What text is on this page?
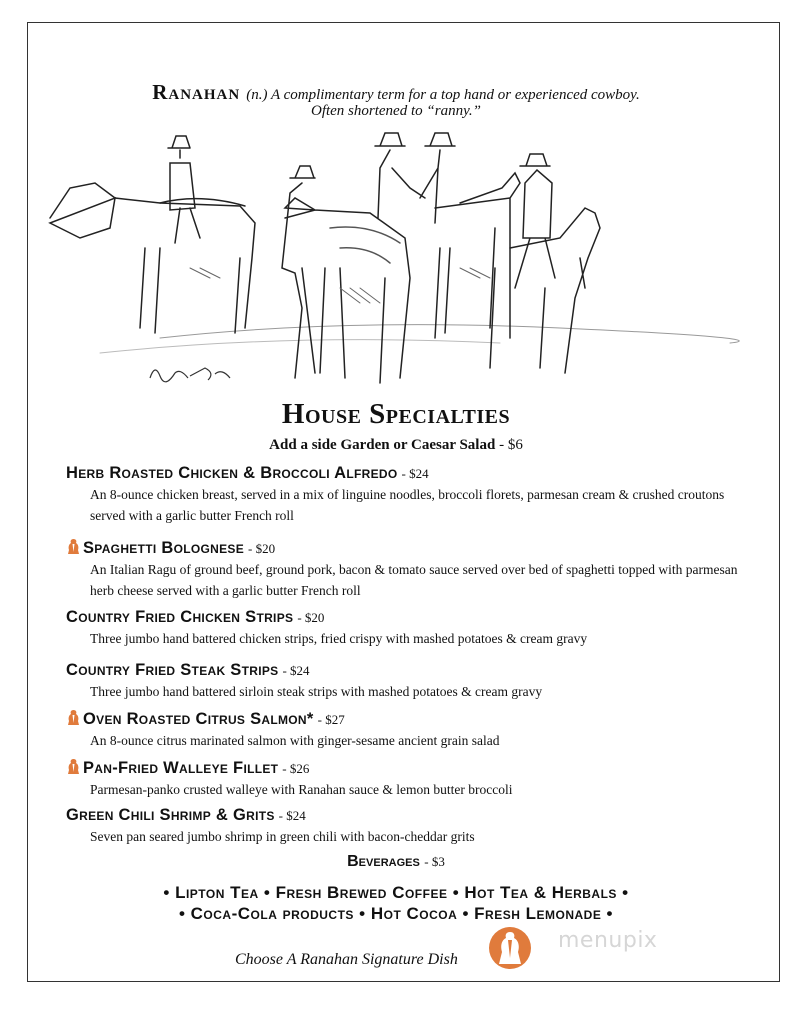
Ranahan (n.) A complimentary term for a top hand or experienced cowboy.
Often shortened to “ranny.”
House Specialties
Add a side Garden or Caesar Salad - $6
Herb Roasted Chicken & Broccoli Alfredo - $24
An 8-ounce chicken breast, served in a mix of linguine noodles, broccoli florets, parmesan cream & crushed croutons served with a garlic butter French roll
Spaghetti Bolognese - $20
An Italian Ragu of ground beef, ground pork, bacon & tomato sauce served over bed of spaghetti topped with parmesan herb cheese served with a garlic butter French roll
Country Fried Chicken Strips - $20
Three jumbo hand battered chicken strips, fried crispy with mashed potatoes & cream gravy
Country Fried Steak Strips - $24
Three jumbo hand battered sirloin steak strips with mashed potatoes & cream gravy
Oven Roasted Citrus Salmon* - $27
An 8-ounce citrus marinated salmon with ginger-sesame ancient grain salad
Pan-Fried Walleye Fillet - $26
Parmesan-panko crusted walleye with Ranahan sauce & lemon butter broccoli
Green Chili Shrimp & Grits - $24
Seven pan seared jumbo shrimp in green chili with bacon-cheddar grits
Beverages - $3
• Lipton Tea • Fresh Brewed Coffee • Hot Tea & Herbals •
• Coca-Cola products • Hot Cocoa • Fresh Lemonade •
Choose A Ranahan Signature Dish
menupix
